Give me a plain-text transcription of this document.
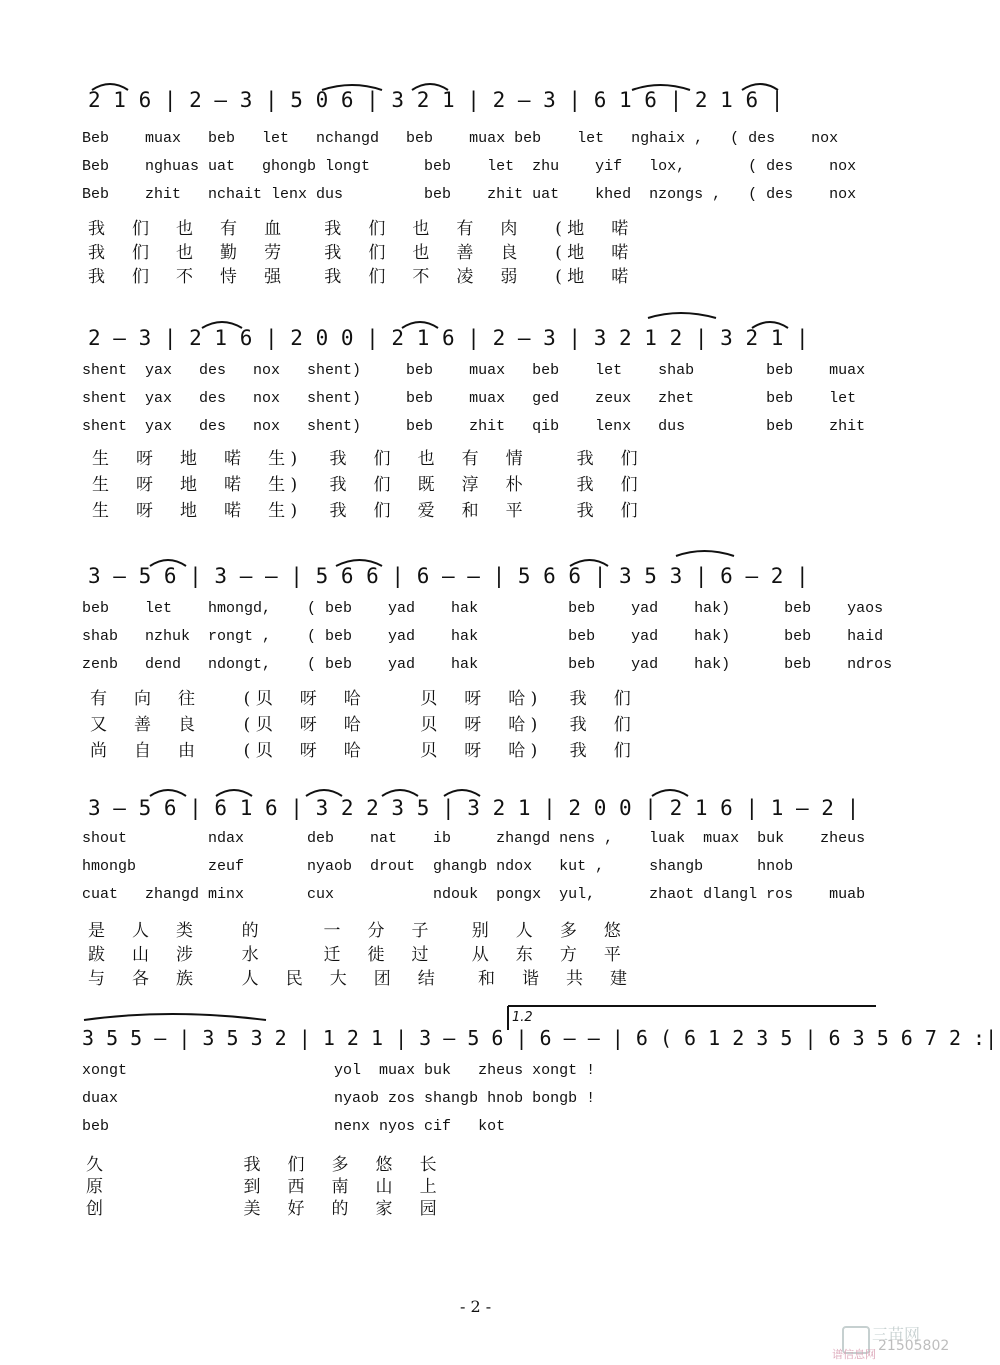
2 1 6 | 2 — 3 | 5 0 6 | 3 2 1 | 2 — 3 | 6 1 6 | 2 1 6 |
Beb    muax   beb   let   nchangd   beb    muax beb    let   nghaix ,   ( des    nox
Beb    nghuas uat   ghongb longt      beb    let  zhu    yif   lox,       ( des    nox
Beb    zhit   nchait lenx dus         beb    zhit uat    khed  nzongs ,   ( des    nox
我     们     也     有     血        我     们     也     有     肉       ( 地     喏
我     们     也     勤     劳        我     们     也     善     良       ( 地     喏
我     们     不     恃     强        我     们     不     凌     弱       ( 地     喏
2 — 3 | 2 1 6 | 2 0 0 | 2 1 6 | 2 — 3 | 3 2 1 2 | 3 2 1 |
shent  yax   des   nox   shent)     beb    muax   beb    let    shab        beb    muax
shent  yax   des   nox   shent)     beb    muax   ged    zeux   zhet        beb    let
shent  yax   des   nox   shent)     beb    zhit   qib    lenx   dus         beb    zhit
生     呀     地     喏     生 )      我     们     也     有     情          我     们
生     呀     地     喏     生 )      我     们     既     淳     朴          我     们
生     呀     地     喏     生 )      我     们     爱     和     平          我     们
3 — 5 6 | 3 — — | 5 6 6 | 6 — — | 5 6 6 | 3 5 3 | 6 — 2 |
beb    let    hmongd,    ( beb    yad    hak          beb    yad    hak)      beb    yaos
shab   nzhuk  rongt ,    ( beb    yad    hak          beb    yad    hak)      beb    haid
zenb   dend   ndongt,    ( beb    yad    hak          beb    yad    hak)      beb    ndros
有     向     往         ( 贝     呀     哈           贝     呀     哈 )      我     们
又     善     良         ( 贝     呀     哈           贝     呀     哈 )      我     们
尚     自     由         ( 贝     呀     哈           贝     呀     哈 )      我     们
3 — 5 6 | 6 1 6 | 3 2 2 3 5 | 3 2 1 | 2 0 0 | 2 1 6 | 1 — 2 |
shout         ndax       deb    nat    ib     zhangd nens ,    luak  muax  buk    zheus
hmongb        zeuf       nyaob  drout  ghangb ndox   kut ,     shangb      hnob
cuat   zhangd minx       cux           ndouk  pongx  yul,      zhaot dlangl ros    muab
是     人     类         的            一     分     子        别     人     多     悠
跋     山     涉         水            迁     徙     过        从     东     方     平
与     各     族         人     民     大     团     结        和     谐     共     建
1.2
3 5 5 — | 3 5 3 2 | 1 2 1 | 3 — 5 6 | 6 — — | 6 ( 6 1 2 3 5 | 6 3 5 6 7 2 :|
xongt                       yol  muax buk   zheus xongt !
duax                        nyaob zos shangb hnob bongb !
beb                         nenx nyos cif   kot
久                          我     们     多     悠     长
原                          到     西     南     山     上
创                          美     好     的     家     园
- 2 -
三苗网
21505802
谱信息网
